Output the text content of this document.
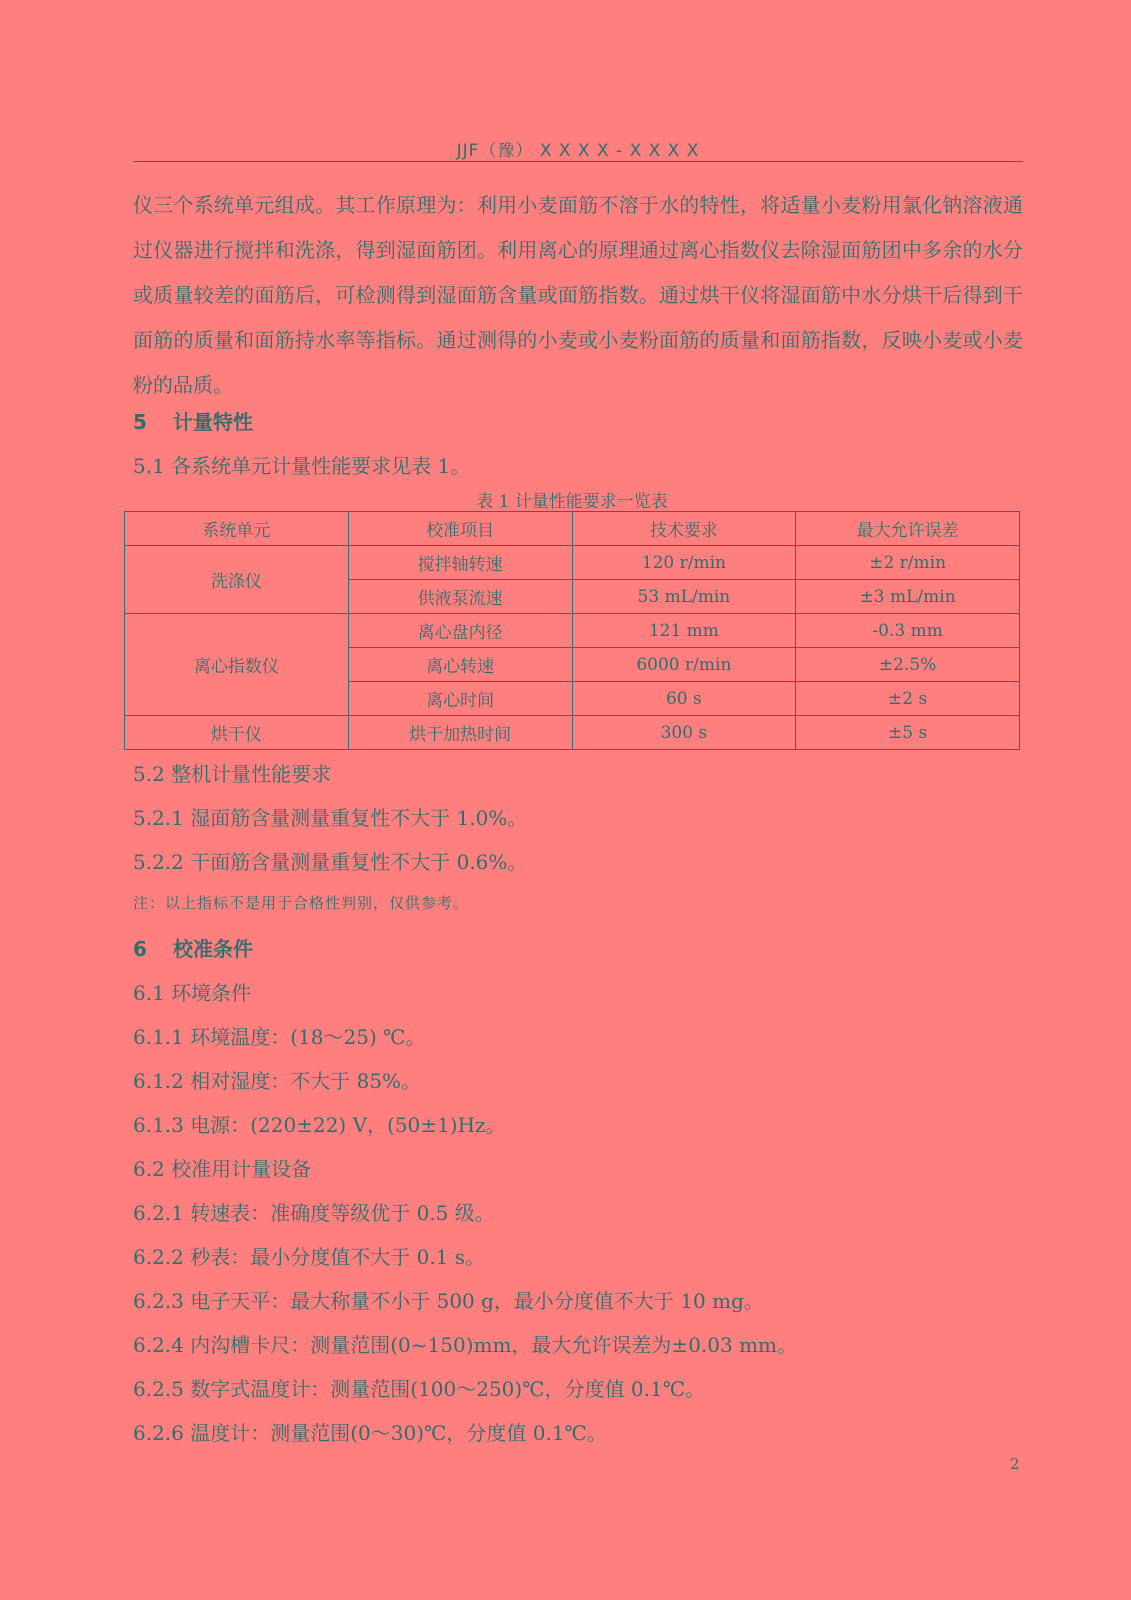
JJF（豫） X X X X - X X X X

仪三个系统单元组成。其工作原理为：利用小麦面筋不溶于水的特性，将适量小麦粉用氯化钠溶液通过仪器进行搅拌和洗涤，得到湿面筋团。利用离心的原理通过离心指数仪去除湿面筋团中多余的水分或质量较差的面筋后，可检测得到湿面筋含量或面筋指数。通过烘干仪将湿面筋中水分烘干后得到干面筋的质量和面筋持水率等指标。通过测得的小麦或小麦粉面筋的质量和面筋指数，反映小麦或小麦粉的品质。

5 计量特性

5.1 各系统单元计量性能要求见表 1。

表 1 计量性能要求一览表
系统单元	校准项目	技术要求	最大允许误差
洗涤仪	搅拌轴转速	120 r/min	±2 r/min
	供液泵流速	53 mL/min	±3 mL/min
离心指数仪	离心盘内径	121 mm	-0.3 mm
	离心转速	6000 r/min	±2.5%
	离心时间	60 s	±2 s
烘干仪	烘干加热时间	300 s	±5 s

5.2 整机计量性能要求

5.2.1 湿面筋含量测量重复性不大于 1.0%。

5.2.2 干面筋含量测量重复性不大于 0.6%。

注：以上指标不是用于合格性判别，仅供参考。

6 校准条件

6.1 环境条件

6.1.1 环境温度：(18～25) ℃。

6.1.2 相对湿度：不大于 85%。

6.1.3 电源：(220±22) V，(50±1)Hz。

6.2 校准用计量设备

6.2.1 转速表：准确度等级优于 0.5 级。

6.2.2 秒表：最小分度值不大于 0.1 s。

6.2.3 电子天平：最大称量不小于 500 g，最小分度值不大于 10 mg。

6.2.4 内沟槽卡尺：测量范围(0~150)mm，最大允许误差为±0.03 mm。

6.2.5 数字式温度计：测量范围(100～250)℃，分度值 0.1℃。

6.2.6 温度计：测量范围(0～30)℃，分度值 0.1℃。

2
